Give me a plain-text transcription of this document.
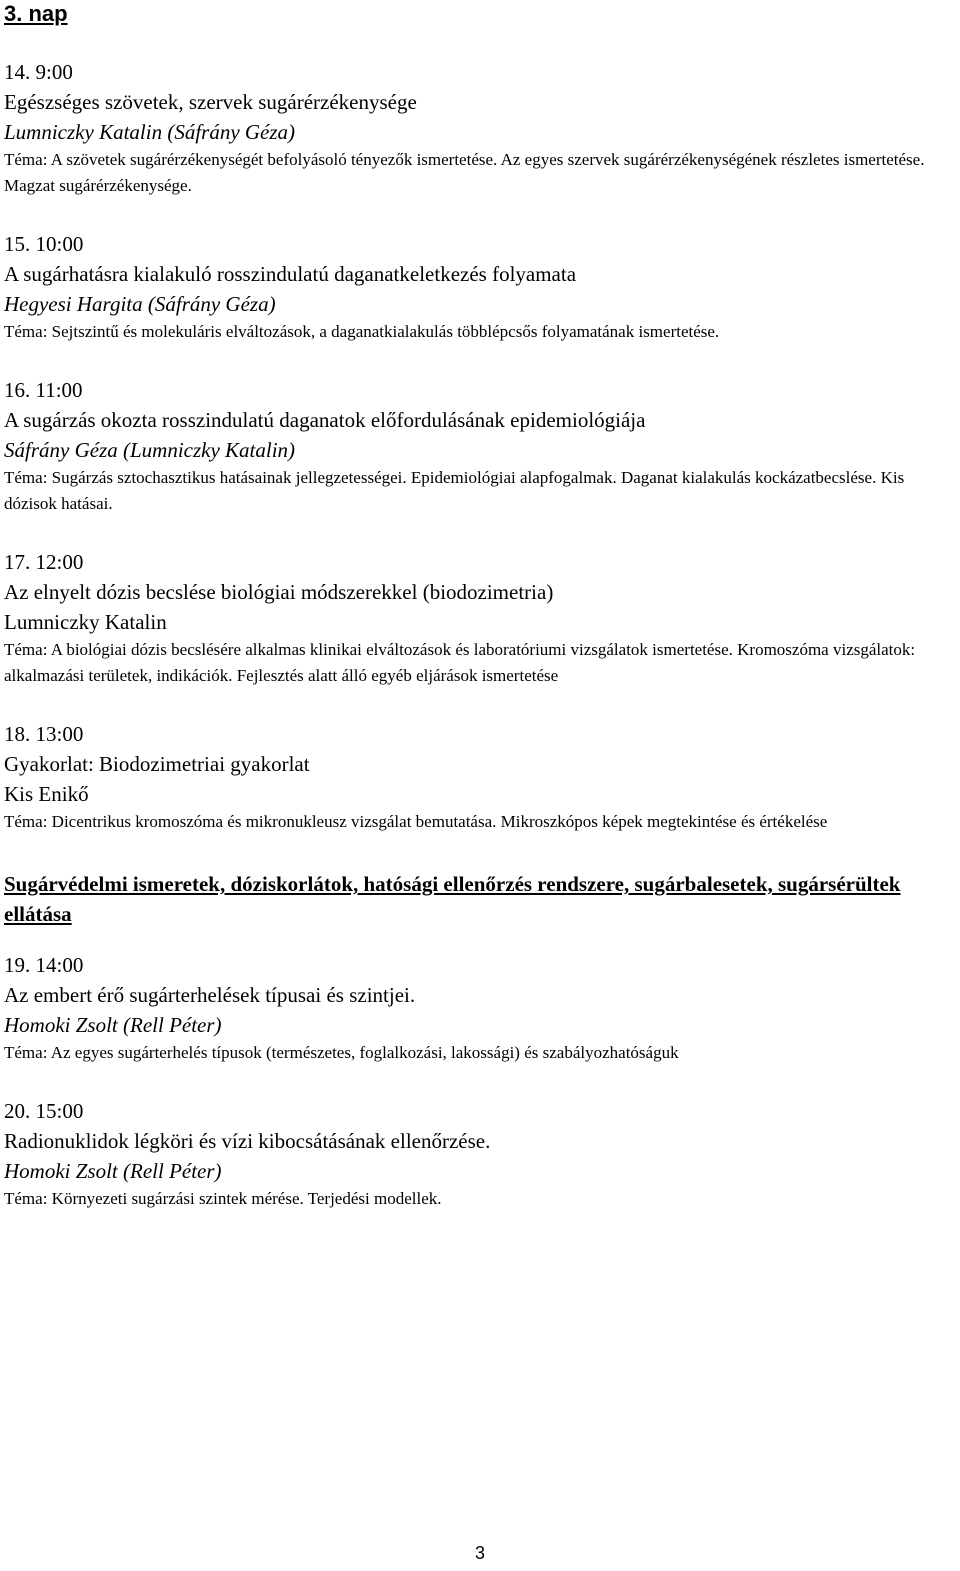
3. nap

14. 9:00

Egészséges szövetek, szervek sugárérzékenysége

Lumniczky Katalin (Sáfrány Géza)

Téma: A szövetek sugárérzékenységét befolyásoló tényezők ismertetése. Az egyes szervek sugárérzékenységének részletes ismertetése. Magzat sugárérzékenysége.

15. 10:00

A sugárhatásra kialakuló rosszindulatú daganatkeletkezés folyamata

Hegyesi Hargita (Sáfrány Géza)

Téma: Sejtszintű és molekuláris elváltozások, a daganatkialakulás többlépcsős folyamatának ismertetése.

16. 11:00

A sugárzás okozta rosszindulatú daganatok előfordulásának epidemiológiája

Sáfrány Géza (Lumniczky Katalin)

Téma: Sugárzás sztochasztikus hatásainak jellegzetességei. Epidemiológiai alapfogalmak. Daganat kialakulás kockázatbecslése. Kis dózisok hatásai.

17. 12:00

Az elnyelt dózis becslése biológiai módszerekkel (biodozimetria)

Lumniczky Katalin

Téma: A biológiai dózis becslésére alkalmas klinikai elváltozások és laboratóriumi vizsgálatok ismertetése. Kromoszóma vizsgálatok: alkalmazási területek, indikációk. Fejlesztés alatt álló egyéb eljárások ismertetése

18. 13:00

Gyakorlat: Biodozimetriai gyakorlat

Kis Enikő

Téma: Dicentrikus kromoszóma és mikronukleusz vizsgálat bemutatása. Mikroszkópos képek megtekintése és értékelése

Sugárvédelmi ismeretek, dóziskorlátok, hatósági ellenőrzés rendszere, sugárbalesetek, sugársérültek ellátása

19. 14:00

Az embert érő sugárterhelések típusai és szintjei.

Homoki Zsolt (Rell Péter)

Téma: Az egyes sugárterhelés típusok (természetes, foglalkozási, lakossági) és szabályozhatóságuk

20. 15:00

Radionuklidok légköri és vízi kibocsátásának ellenőrzése.

Homoki Zsolt (Rell Péter)

Téma: Környezeti sugárzási szintek mérése. Terjedési modellek.

3
